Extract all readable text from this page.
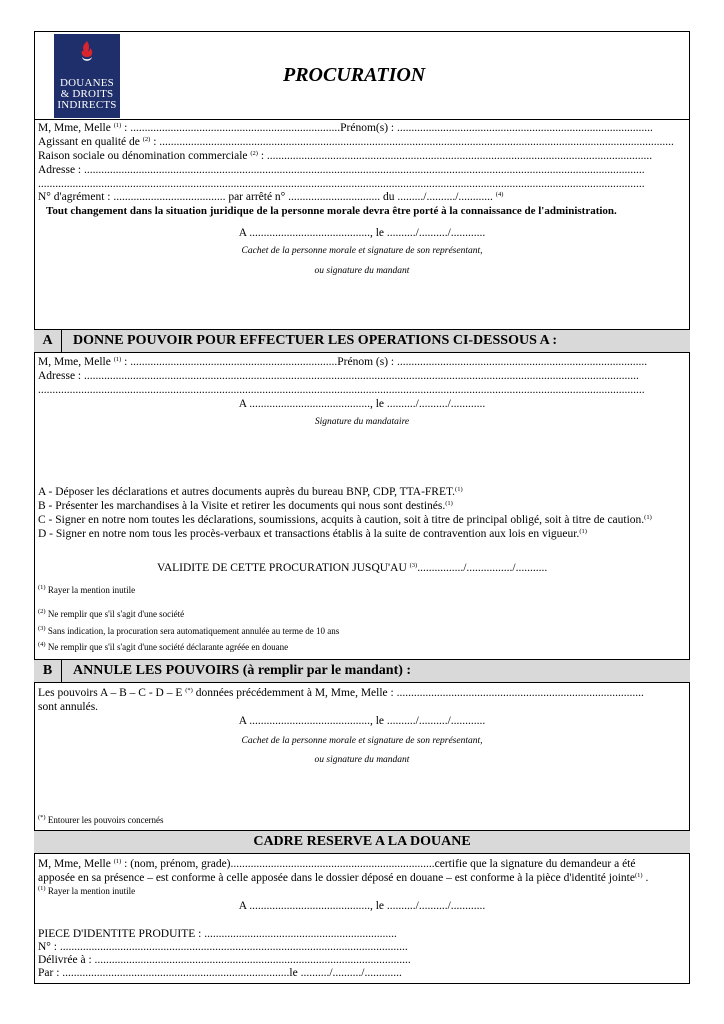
DOUANES
& DROITS
INDIRECTS
PROCURATION
M, Mme, Melle $^{(1)}$ : .........................................................................Prénom(s) : .........................................................................................
Agissant en qualité de $^{(2)}$ : ...................................................................................................................................................................................
Raison sociale ou dénomination commerciale $^{(2)}$ : ......................................................................................................................................
Adresse : ...................................................................................................................................................................................................
...................................................................................................................................................................................................................
N° d'agrément : ....................................... par arrêté n° ................................ du ........./........../............ $^{(4)}$
Tout changement dans la situation juridique de la personne morale devra être porté à la connaissance de l'administration.
A .........................................., le ........../........../............
Cachet de la personne morale et signature de son représentant,
ou signature du mandant
A	DONNE POUVOIR POUR EFFECTUER LES OPERATIONS CI-DESSOUS A :
M, Mme, Melle $^{(1)}$ : ........................................................................Prénom (s) : .......................................................................................
Adresse : .................................................................................................................................................................................................
...................................................................................................................................................................................................................
A .........................................., le ........../........../............
Signature du mandataire
A - Déposer les déclarations et autres documents auprès du bureau BNP, CDP, TTA-FRET.$^{(1)}$
B - Présenter les marchandises à la Visite et retirer les documents qui nous sont destinés.$^{(1)}$
C - Signer en notre nom toutes les déclarations, soumissions, acquits à caution, soit à titre de principal obligé, soit à titre de caution.$^{(1)}$
D - Signer en notre nom tous les procès-verbaux et transactions établis à la suite de contravention aux lois en vigueur.$^{(1)}$
VALIDITE DE CETTE PROCURATION JUSQU'AU $^{(3)}$................/................/...........
$^{(1)}$ Rayer la mention inutile
$^{(2)}$ Ne remplir que s'il s'agit d'une société
$^{(3)}$ Sans indication, la procuration sera automatiquement annulée au terme de 10 ans
$^{(4)}$ Ne remplir que s'il s'agit d'une société déclarante agréée en douane
B	ANNULE LES POUVOIRS (à remplir par le mandant) :
Les pouvoirs A – B – C - D – E (*) données précédemment à M, Mme, Melle : ......................................................................................
sont annulés.
A .........................................., le ........../........../............
Cachet de la personne morale et signature de son représentant,
ou signature du mandant
(*) Entourer les pouvoirs concernés
CADRE RESERVE A LA DOUANE
M, Mme, Melle $^{(1)}$ : (nom, prénom, grade).......................................................................certifie que la signature du demandeur a été
apposée en sa présence – est conforme à celle apposée dans le dossier déposé en douane – est conforme à la pièce d'identité jointe$^{(1)}$ .
$^{(1)}$ Rayer la mention inutile
A .........................................., le ........../........../............
PIECE D'IDENTITE PRODUITE : ...................................................................
N° : .........................................................................................................................
Délivrée à : ..............................................................................................................
Par : ...............................................................................le ........../........../.............
